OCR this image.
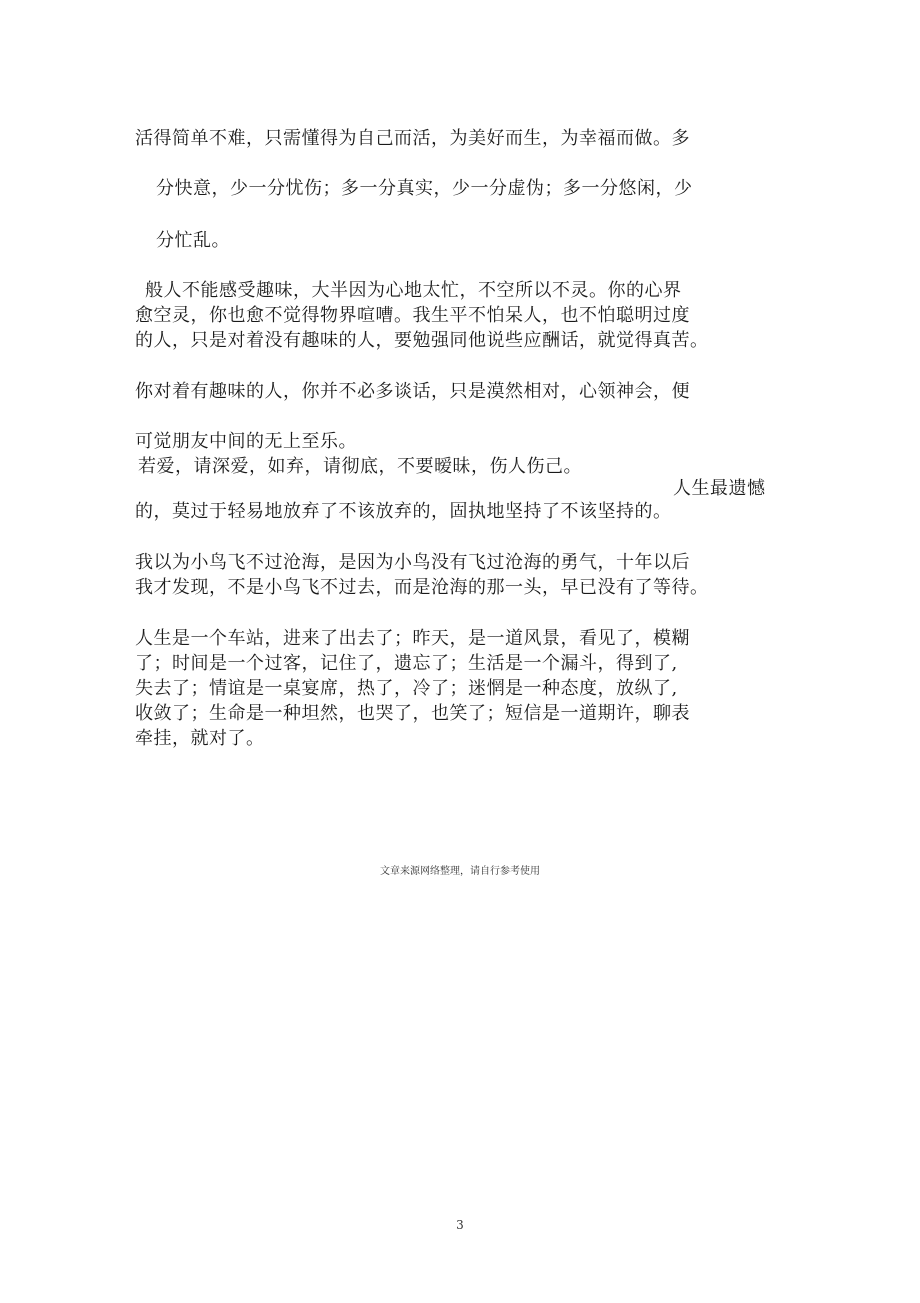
活得简单不难，只需懂得为自己而活，为美好而生，为幸福而做。多
分快意，少一分忧伤；多一分真实，少一分虚伪；多一分悠闲，少
分忙乱。
般人不能感受趣味，大半因为心地太忙，不空所以不灵。你的心界
愈空灵，你也愈不觉得物界喧嘈。我生平不怕呆人，也不怕聪明过度
的人，只是对着没有趣味的人，要勉强同他说些应酬话，就觉得真苦。
你对着有趣味的人，你并不必多谈话，只是漠然相对，心领神会，便
可觉朋友中间的无上至乐。
若爱，请深爱，如弃，请彻底，不要暧昧，伤人伤己。
人生最遗憾
的，莫过于轻易地放弃了不该放弃的，固执地坚持了不该坚持的。
我以为小鸟飞不过沧海，是因为小鸟没有飞过沧海的勇气，十年以后
我才发现，不是小鸟飞不过去，而是沧海的那一头，早已没有了等待。
人生是一个车站，进来了出去了；昨天，是一道风景，看见了，模糊
了；时间是一个过客，记住了，遗忘了；生活是一个漏斗，得到了,
失去了；情谊是一桌宴席，热了，冷了；迷惘是一种态度，放纵了,
收敛了；生命是一种坦然，也哭了，也笑了；短信是一道期许，聊表
牵挂，就对了。
文章来源网络整理，请自行参考使用
3
